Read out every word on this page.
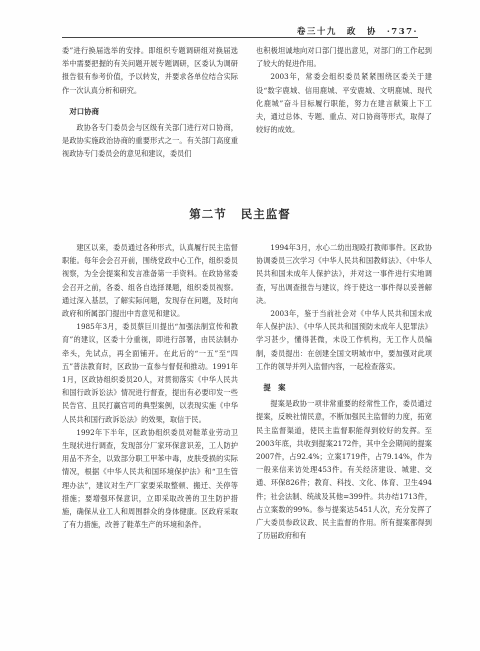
卷三十九　政　协　·737·

委”进行换届选举的安排。即组织专题调研组对换届选举中需要把握的有关问题开展专题调研，区委认为调研报告很有参考价值，予以转发，并要求各单位结合实际作一次认真分析和研究。

对口协商

政协各专门委员会与区级有关部门进行对口协商，是政协实施政治协商的重要形式之一。有关部门高度重视政协专门委员会的意见和建议，委员们

也积极坦诚地向对口部门提出意见，对部门的工作起到了较大的促进作用。

2003年，常委会组织委员紧紧围绕区委关于建设“数字鹿城、信用鹿城、平安鹿城、文明鹿城、现代化鹿城”奋斗目标履行职能，努力在建言献策上下工夫，通过总体、专题、重点、对口协商等形式，取得了较好的成效。

第二节 民主监督

建区以来，委员通过各种形式，认真履行民主监督职能。每年会会召开前，围绕党政中心工作，组织委员视察，为全会提案和发言准备第一手资料。在政协常委会召开之前，各委、组各自选择课题，组织委员视察。通过深入基层，了解实际问题，发现存在问题，及时向政府和所属部门提出中肯意见和建议。

1985年3月，委员蔡巨川提出“加强法制宣传和教育”的建议，区委十分重视，即进行部署，由民法制办牵头，先试点，再全面铺开。在此后的“一五”至“四五”普法教育时，区政协一直参与督促和推动。1991年1月，区政协组织委员20人，对贯彻落实《中华人民共和国行政诉讼法》情况进行督查，提出有必要印发一些民告官、且民打赢官司的典型案例，以表现实施《中华人民共和国行政诉讼法》的效果，取信于民。

1992年下半年，区政协组织委员对鞋革业劳动卫生现状进行调查，发现部分厂家环保意识差，工人防护用品不齐全，以致部分职工甲苯中毒，皮肤受损的实际情况，根据《中华人民共和国环境保护法》和“卫生管理办法”，建议对生产厂家要采取整顿、搬迁、关停等措施；要增强环保意识，立即采取改善的卫生防护措施，确保从业工人和周围群众的身体健康。区政府采取了有力措施，改善了鞋革生产的环境和条件。

1994年3月，水心二幼出现殴打教师事件。区政协协调委员三次学习《中华人民共和国教师法》、《中华人民共和国未成年人保护法》，并对这一事件进行实地调查，写出调查报告与建议，终于使这一事件得以妥善解决。

2003年，鉴于当前社会对《中华人民共和国未成年人保护法》、《中华人民共和国预防未成年人犯罪法》学习甚少，懂得甚微，未设工作机构，无工作人员编制，委员提出：在创建全国文明城市中，要加强对此项工作的领导并列入监督内容，一起检查落实。

提　案

提案是政协一项非常重要的经常性工作，委员通过提案，反映社情民意，不断加强民主监督的力度，拓宽民主监督渠道，使民主监督职能得到较好的发挥。至2003年底，共收到提案2172件，其中全会期间的提案2007件，占92.4%；立案1719件，占79.14%，作为一般来信来访处理453件。有关经济建设、城建、交通、环保826件；教育、科技、文化、体育、卫生494件；社会法制、统战及其他=399件。共办结1713件，占立案数的99%。参与提案达5451人次，充分发挥了广大委员参政议政、民主监督的作用。所有提案都得到了历届政府和有
